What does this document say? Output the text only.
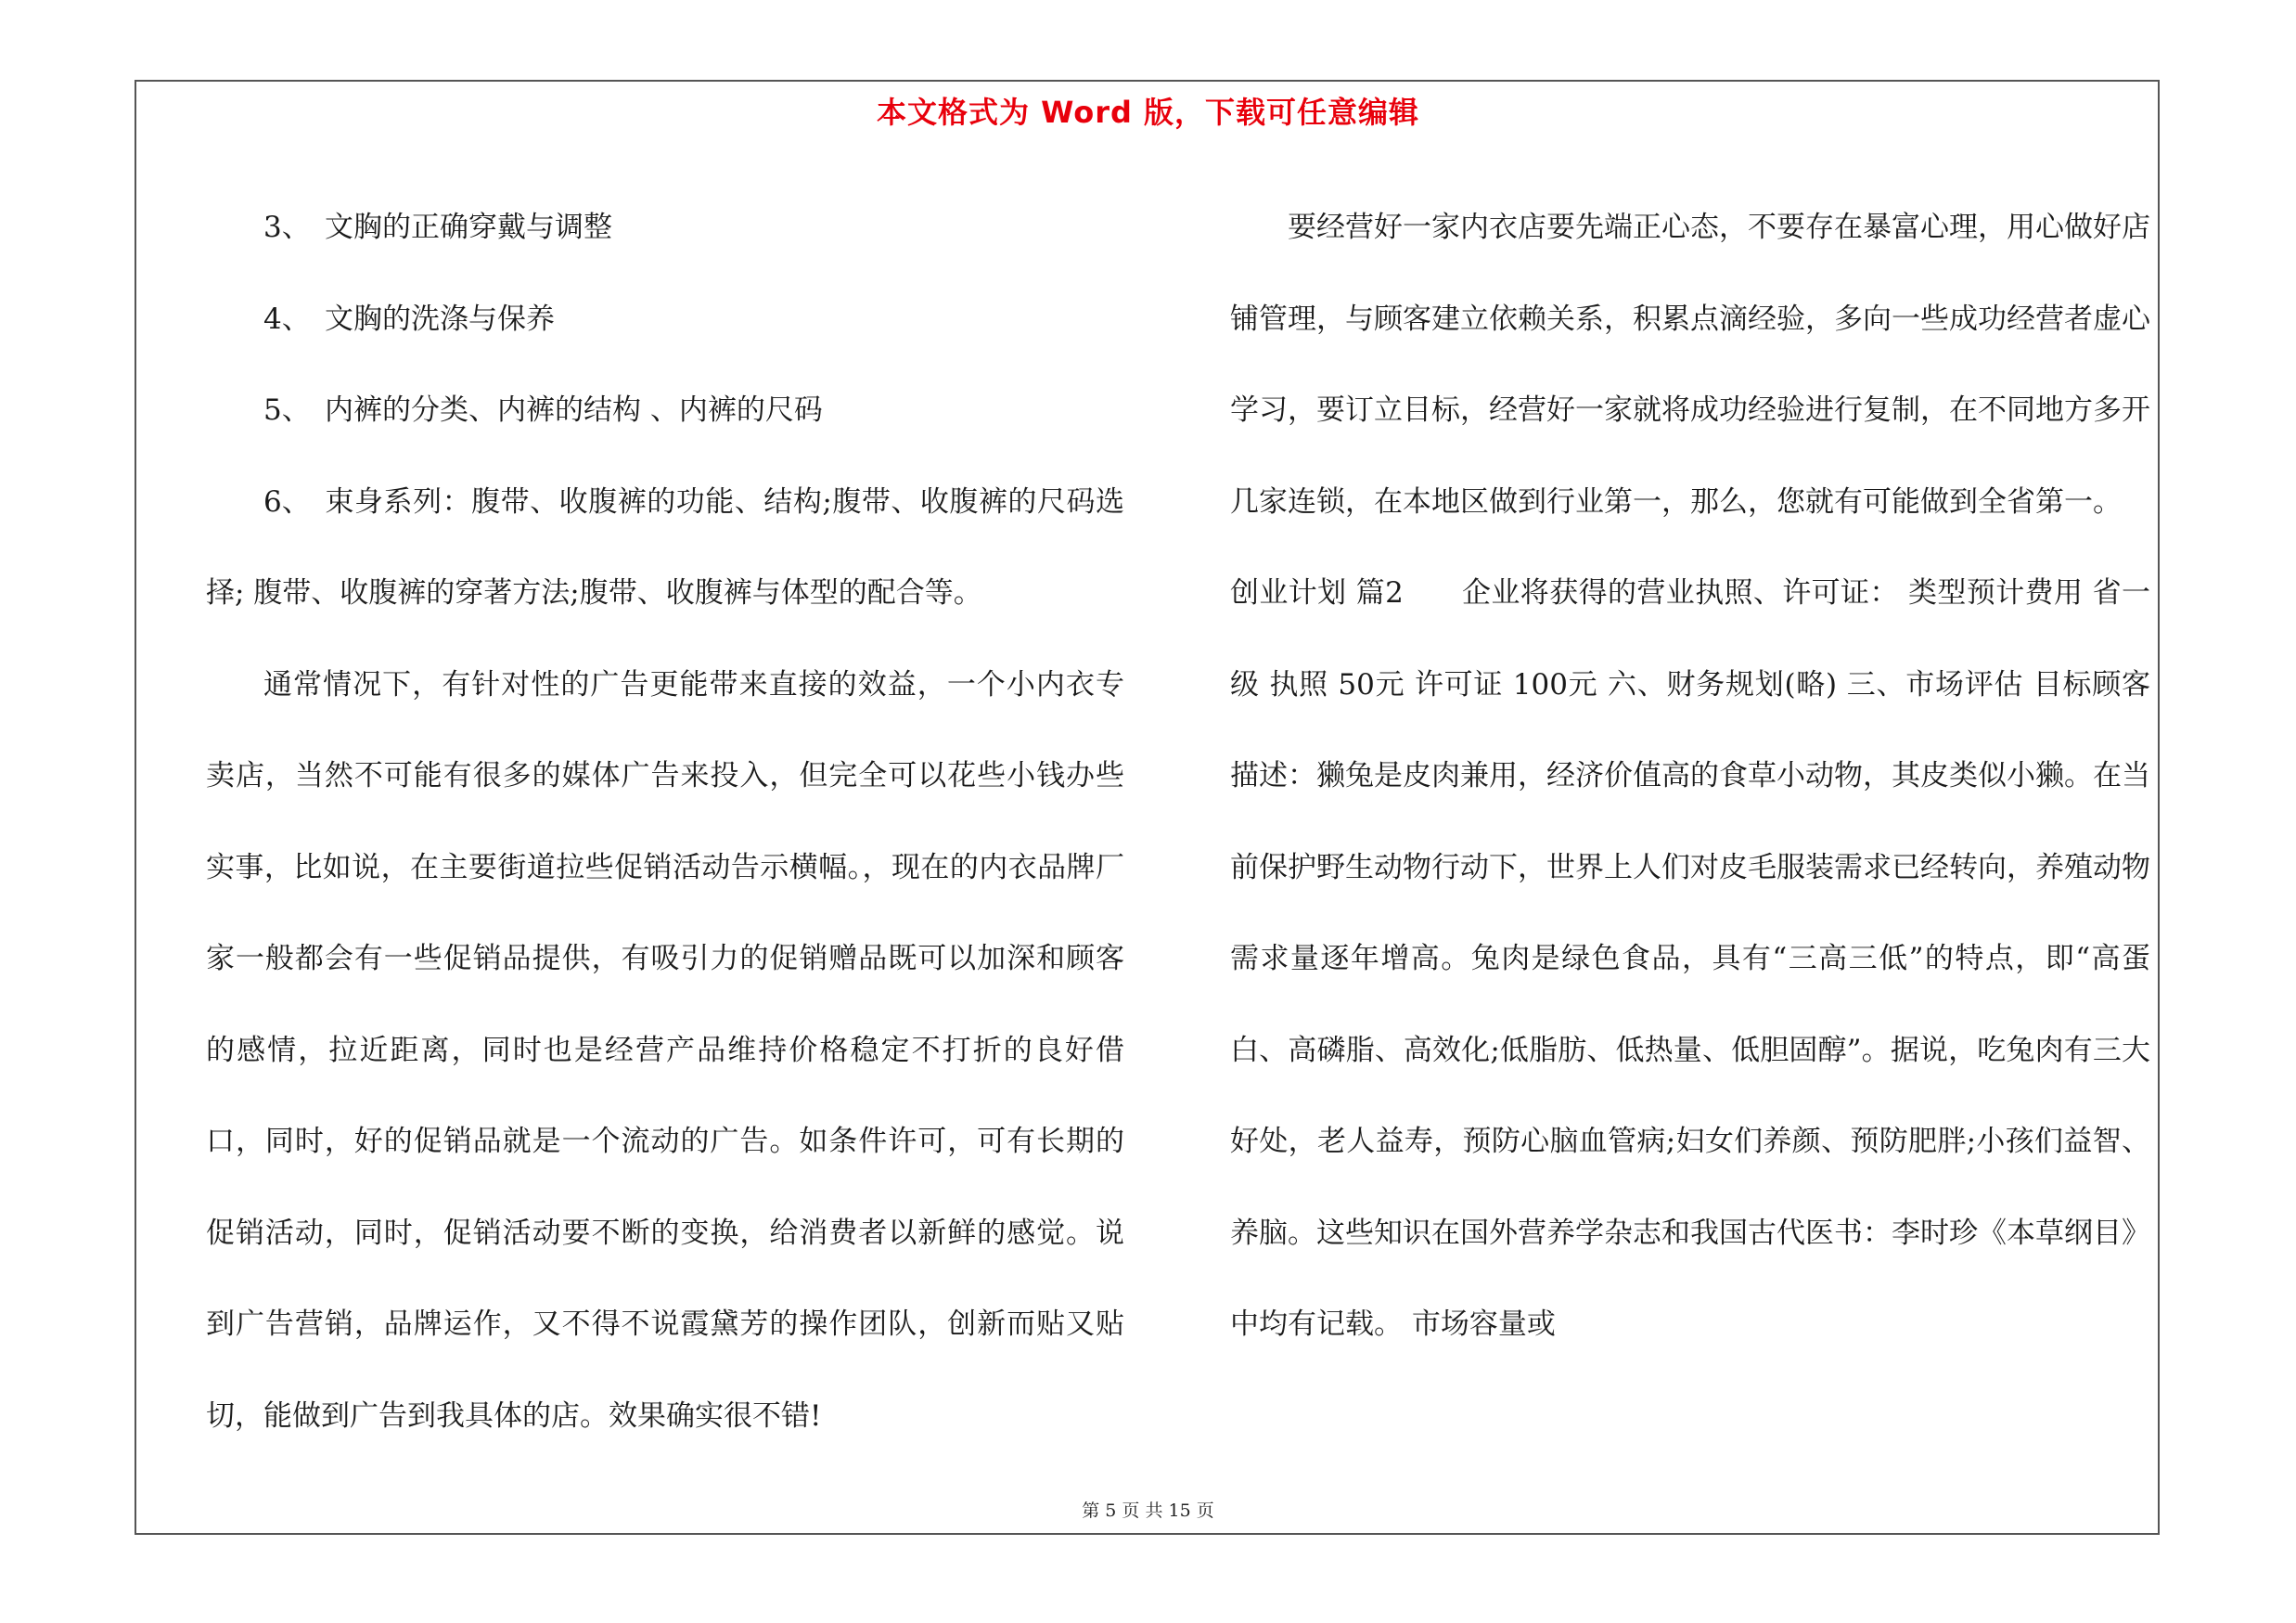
本文格式为 Word 版，下载可任意编辑

3、 文胸的正确穿戴与调整

4、 文胸的洗涤与保养

5、 内裤的分类、内裤的结构 、内裤的尺码

6、 束身系列：腹带、收腹裤的功能、结构;腹带、收腹裤的尺码选择; 腹带、收腹裤的穿著方法;腹带、收腹裤与体型的配合等。

通常情况下，有针对性的广告更能带来直接的效益，一个小内衣专卖店，当然不可能有很多的媒体广告来投入，但完全可以花些小钱办些实事，比如说，在主要街道拉些促销活动告示横幅。，现在的内衣品牌厂家一般都会有一些促销品提供，有吸引力的促销赠品既可以加深和顾客的感情，拉近距离，同时也是经营产品维持价格稳定不打折的良好借口，同时，好的促销品就是一个流动的广告。如条件许可，可有长期的促销活动，同时，促销活动要不断的变换，给消费者以新鲜的感觉。说到广告营销，品牌运作，又不得不说霞黛芳的操作团队，创新而贴又贴切，能做到广告到我具体的店。效果确实很不错!

要经营好一家内衣店要先端正心态，不要存在暴富心理，用心做好店铺管理，与顾客建立依赖关系，积累点滴经验，多向一些成功经营者虚心学习，要订立目标，经营好一家就将成功经验进行复制，在不同地方多开几家连锁，在本地区做到行业第一，那么，您就有可能做到全省第一。

创业计划 篇2　　企业将获得的营业执照、许可证： 类型预计费用 省一级 执照 50元 许可证 100元 六、财务规划(略) 三、市场评估 目标顾客描述：獭兔是皮肉兼用，经济价值高的食草小动物，其皮类似小獭。在当前保护野生动物行动下，世界上人们对皮毛服装需求已经转向，养殖动物需求量逐年增高。兔肉是绿色食品，具有“三高三低”的特点，即“高蛋白、高磷脂、高效化;低脂肪、低热量、低胆固醇”。据说，吃兔肉有三大好处，老人益寿，预防心脑血管病;妇女们养颜、预防肥胖;小孩们益智、养脑。这些知识在国外营养学杂志和我国古代医书：李时珍《本草纲目》中均有记载。 市场容量或

第 5 页 共 15 页
